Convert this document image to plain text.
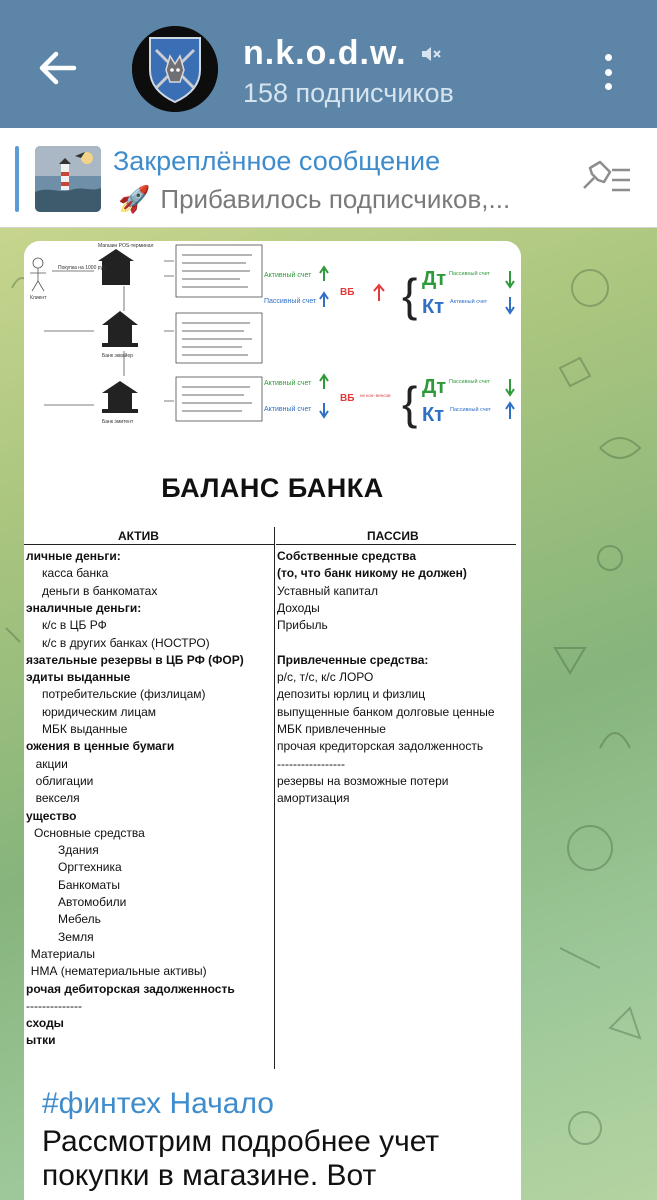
n.k.o.d.w.
158 подписчиков
Закреплённое сообщение
🚀 Прибавилось подписчиков,...
Клиент
Покупка на 1000 руб.
Магазин POS-терминал
Банк эквайер
Банк эмитент
Активный счет
Пассивный счет
ВБ { Дт Пассивный счет
Кт Активный счет
Активный счет
Активный счет
ВБ не кон- венсов { Дт Пассивный счет
Кт Пассивный счет
БАЛАНС БАНКА
АКТИВ	ПАССИВ
личные деньги:
касса банка
деньги в банкоматах
эналичные деньги:
к/с в ЦБ РФ
к/с в других банках (НОСТРО)
язательные резервы в ЦБ РФ (ФОР)
эдиты выданные
потребительские (физлицам)
юридическим лицам
МБК выданные
ожения в ценные бумаги
акции
облигации
векселя
ущество
Основные средства
Здания
Оргтехника
Банкоматы
Автомобили
Мебель
Земля
Материалы
НМА (нематериальные активы)
рочая дебиторская задолженность
--------------
сходы
ытки
Собственные средства
(то, что банк никому не должен)
Уставный капитал
Доходы
Прибыль
Привлеченные средства:
р/с, т/с, к/с ЛОРО
депозиты юрлиц и физлиц
выпущенные банком долговые ценные
МБК привлеченные
прочая кредиторская задолженность
-----------------
резервы на возможные потери
амортизация
#финтех Начало
Рассмотрим подробнее учет покупки в магазине. Вот
